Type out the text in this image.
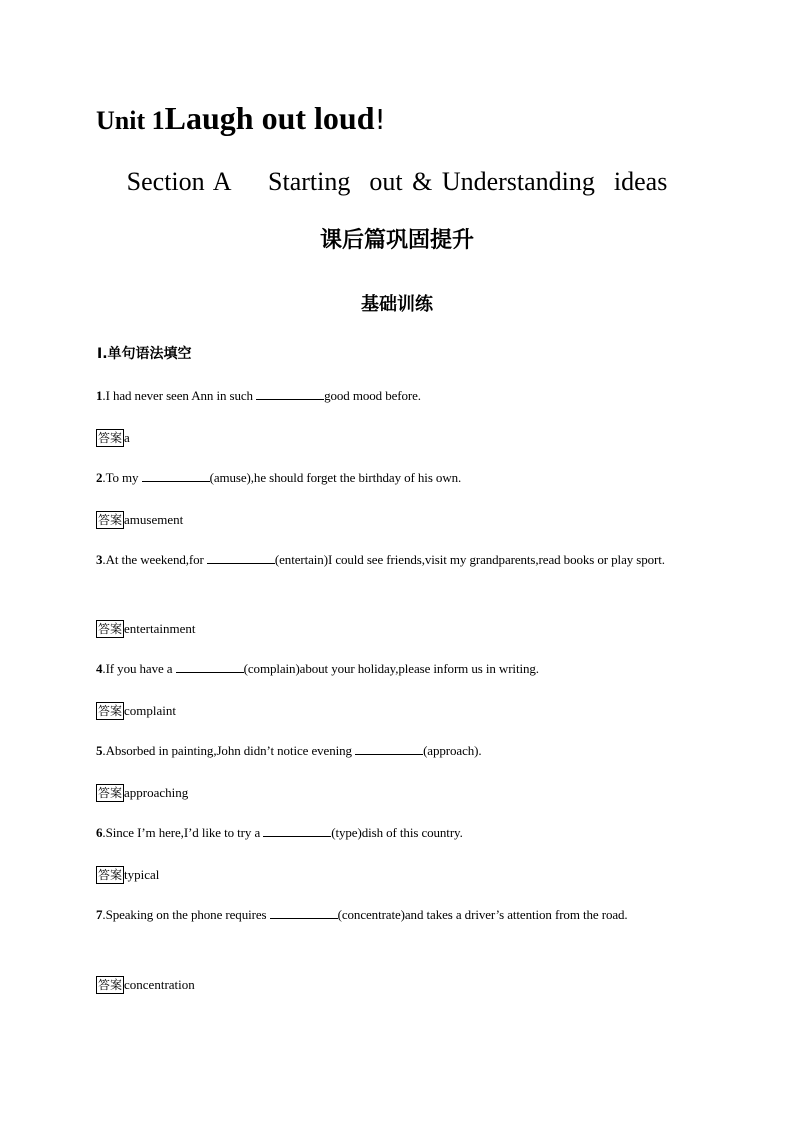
Unit 1Laugh out loud!
Section A    Starting  out & Understanding  ideas
课后篇巩固提升
基础训练
Ⅰ.单句语法填空
1.I had never seen Ann in such	good mood before.
答案 a
2.To my	(amuse),he should forget the birthday of his own.
答案 amusement
3.At the weekend,for	(entertain)I could see friends,visit my grandparents,read books or play sport.
答案 entertainment
4.If you have a	(complain)about your holiday,please inform us in writing.
答案 complaint
5.Absorbed in painting,John didn’t notice evening	(approach).
答案 approaching
6.Since I’m here,I’d like to try a	(type)dish of this country.
答案 typical
7.Speaking on the phone requires	(concentrate)and takes a driver’s attention from the road.
答案 concentration
